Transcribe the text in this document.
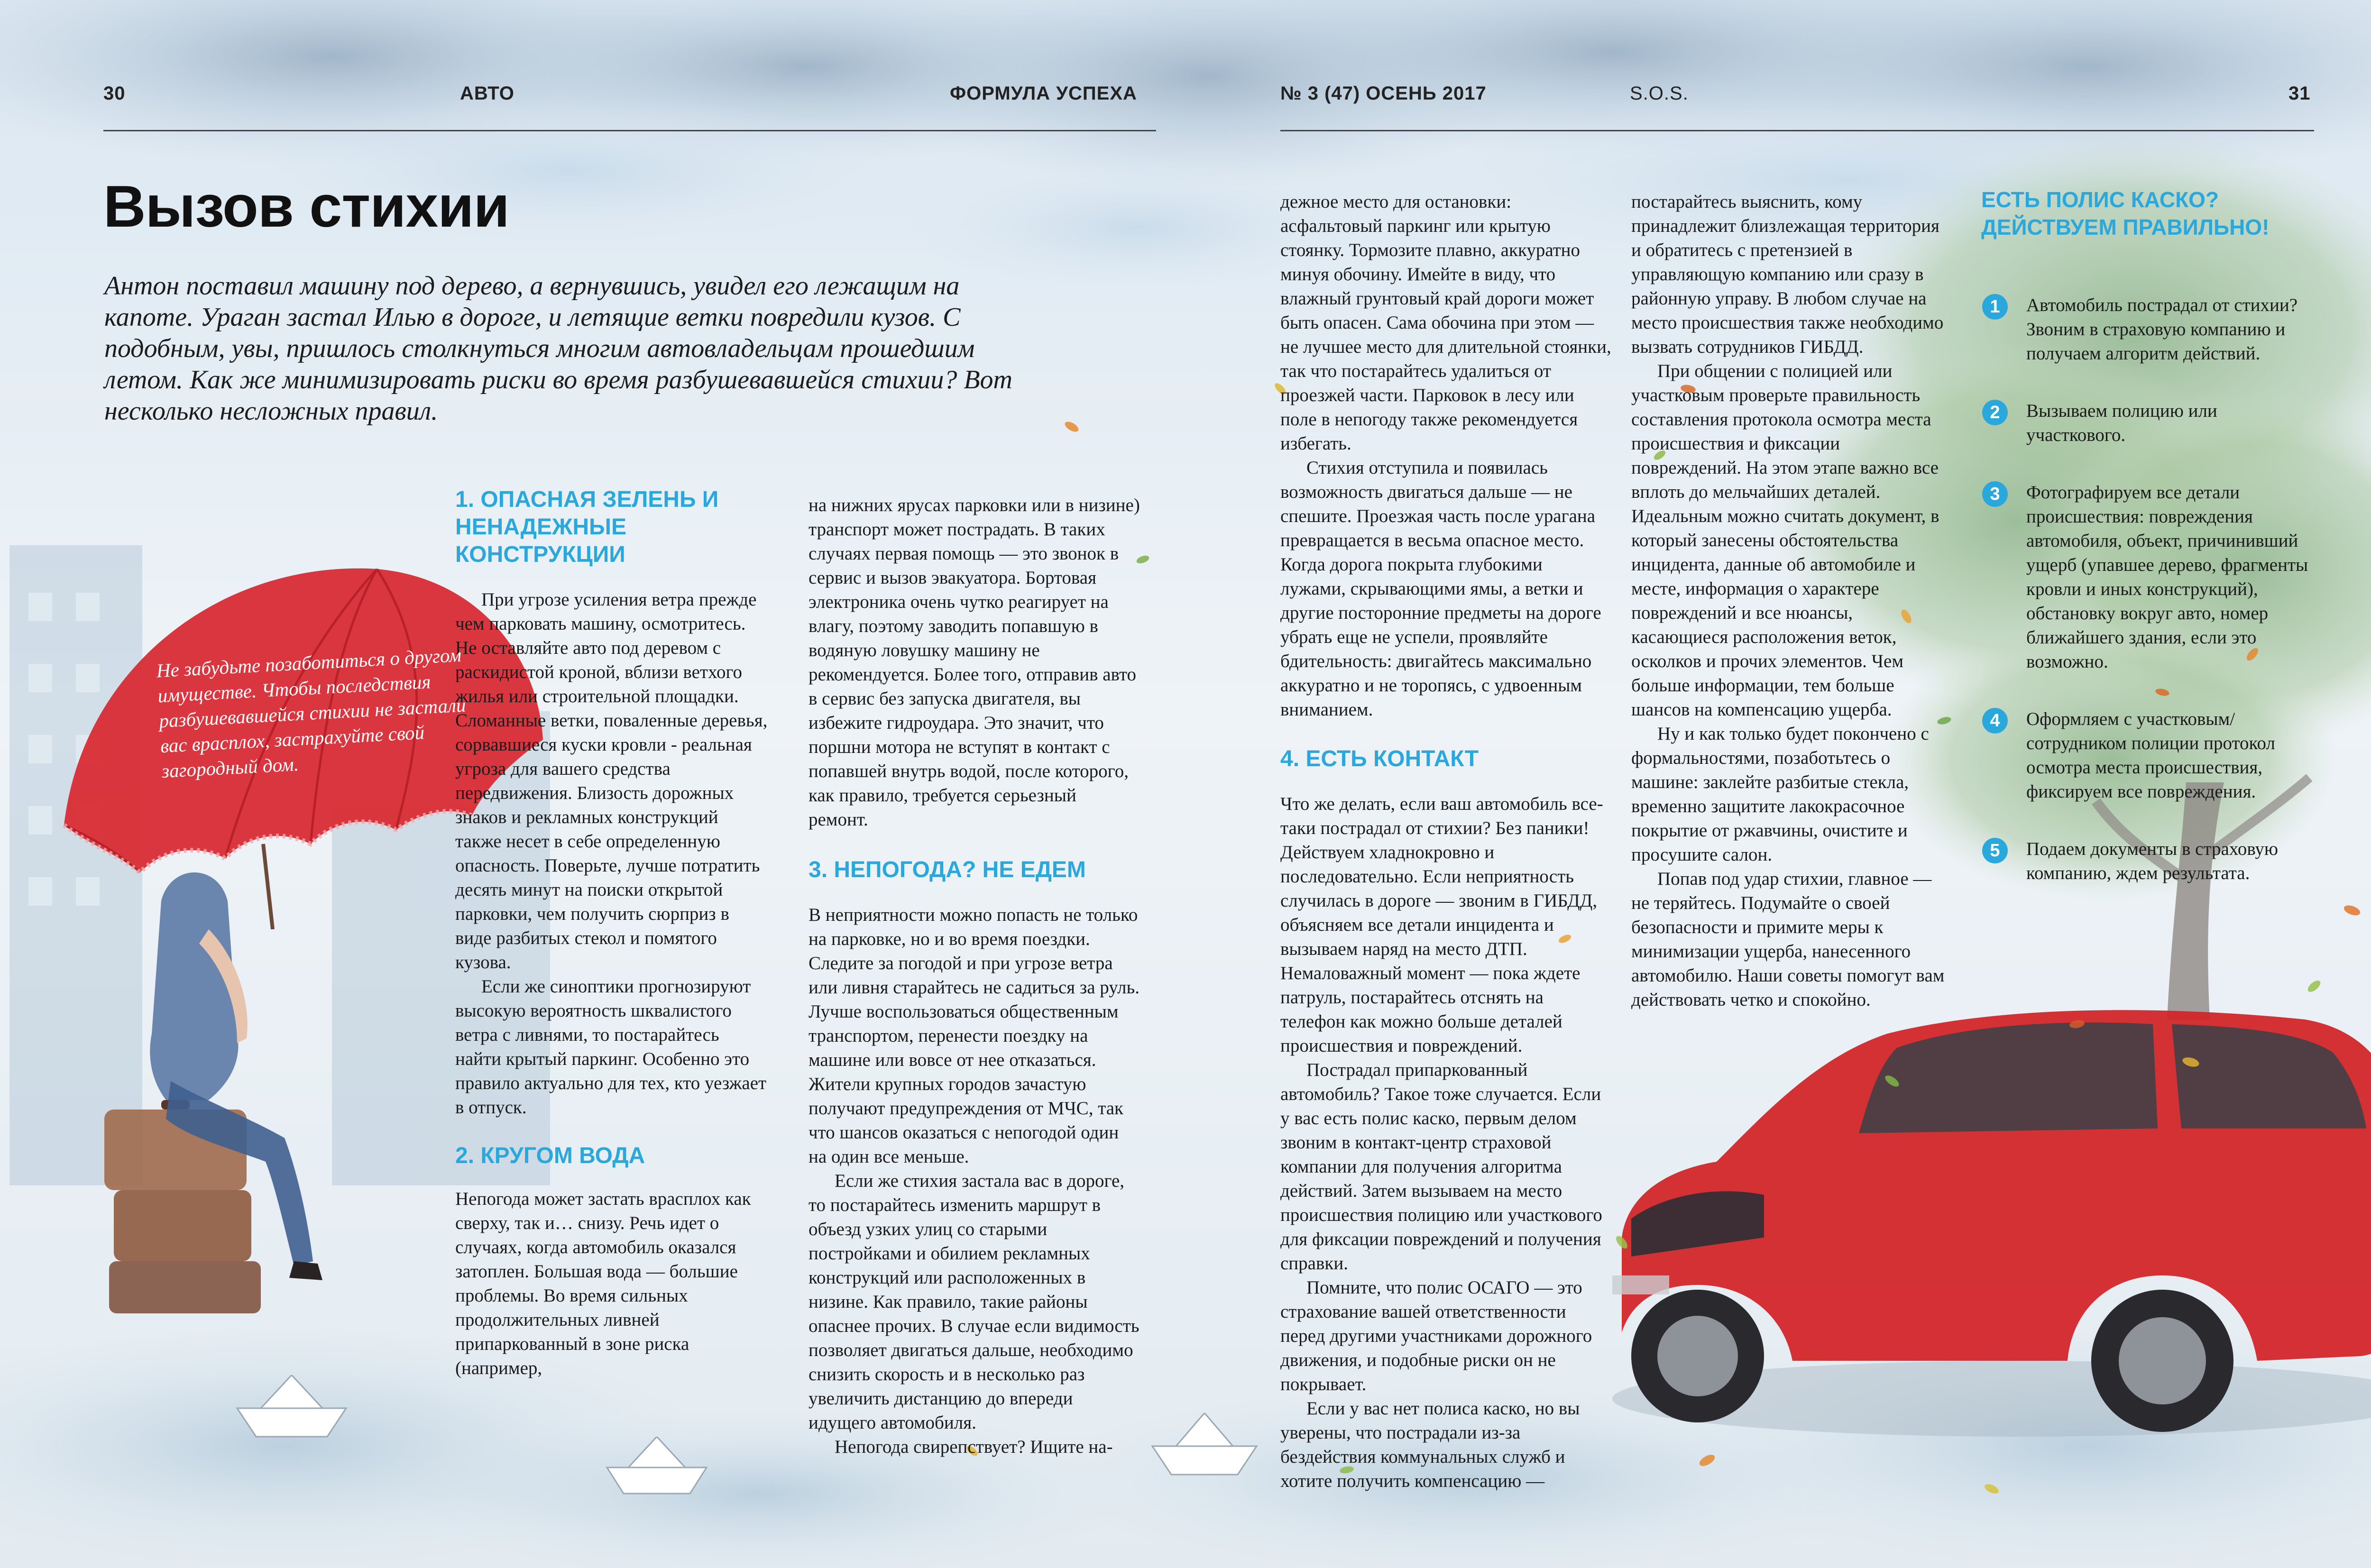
30	АВТО	ФОРМУЛА УСПЕХА	№ 3 (47) ОСЕНЬ 2017	S.O.S.	31
Вызов стихии

Антон поставил машину под дерево, а вернувшись, увидел его лежащим на капоте. Ураган застал Илью в дороге, и летящие ветки повредили кузов. С подобным, увы, пришлось столкнуться многим автовладельцам прошедшим летом. Как же минимизировать риски во время разбушевавшейся стихии? Вот несколько несложных правил.

Не забудьте позаботиться о другом имуществе. Чтобы последствия разбушевавшейся стихии не застали вас врасплох, застрахуйте свой загородный дом.

1. ОПАСНАЯ ЗЕЛЕНЬ И НЕНАДЕЖНЫЕ КОНСТРУКЦИИ

При угрозе усиления ветра прежде чем парковать машину, осмотритесь. Не оставляйте авто под деревом с раскидистой кроной, вблизи ветхого жилья или строительной площадки. Сломанные ветки, поваленные деревья, сорвавшиеся куски кровли - реальная угроза для вашего средства передвижения. Близость дорожных знаков и рекламных конструкций также несет в себе определенную опасность. Поверьте, лучше потратить десять минут на поиски открытой парковки, чем получить сюрприз в виде разбитых стекол и помятого кузова.

Если же синоптики прогнозируют высокую вероятность шквалистого ветра с ливнями, то постарайтесь найти крытый паркинг. Особенно это правило актуально для тех, кто уезжает в отпуск.

2. КРУГОМ ВОДА

Непогода может застать врасплох как сверху, так и… снизу. Речь идет о случаях, когда автомобиль оказался затоплен. Большая вода — большие проблемы. Во время сильных продолжительных ливней припаркованный в зоне риска (например,

на нижних ярусах парковки или в низине) транспорт может пострадать. В таких случаях первая помощь — это звонок в сервис и вызов эвакуатора. Бортовая электроника очень чутко реагирует на влагу, поэтому заводить попавшую в водяную ловушку машину не рекомендуется. Более того, отправив авто в сервис без запуска двигателя, вы избежите гидроудара. Это значит, что поршни мотора не вступят в контакт с попавшей внутрь водой, после которого, как правило, требуется серьезный ремонт.

3. НЕПОГОДА? НЕ ЕДЕМ

В неприятности можно попасть не только на парковке, но и во время поездки. Следите за погодой и при угрозе ветра или ливня старайтесь не садиться за руль. Лучше воспользоваться общественным транспортом, перенести поездку на машине или вовсе от нее отказаться. Жители крупных городов зачастую получают предупреждения от МЧС, так что шансов оказаться с непогодой один на один все меньше.

Если же стихия застала вас в дороге, то постарайтесь изменить маршрут в объезд узких улиц со старыми постройками и обилием рекламных конструкций или расположенных в низине. Как правило, такие районы опаснее прочих. В случае если видимость позволяет двигаться дальше, необходимо снизить скорость и в несколько раз увеличить дистанцию до впереди идущего автомобиля.

Непогода свирепствует? Ищите на-

дежное место для остановки: асфальтовый паркинг или крытую стоянку. Тормозите плавно, аккуратно минуя обочину. Имейте в виду, что влажный грунтовый край дороги может быть опасен. Сама обочина при этом — не лучшее место для длительной стоянки, так что постарайтесь удалиться от проезжей части. Парковок в лесу или поле в непогоду также рекомендуется избегать.

Стихия отступила и появилась возможность двигаться дальше — не спешите. Проезжая часть после урагана превращается в весьма опасное место. Когда дорога покрыта глубокими лужами, скрывающими ямы, а ветки и другие посторонние предметы на дороге убрать еще не успели, проявляйте бдительность: двигайтесь максимально аккуратно и не торопясь, с удвоенным вниманием.

4. ЕСТЬ КОНТАКТ

Что же делать, если ваш автомобиль все-таки пострадал от стихии? Без паники! Действуем хладнокровно и последовательно. Если неприятность случилась в дороге — звоним в ГИБДД, объясняем все детали инцидента и вызываем наряд на место ДТП. Немаловажный момент — пока ждете патруль, постарайтесь отснять на телефон как можно больше деталей происшествия и повреждений.

Пострадал припаркованный автомобиль? Такое тоже случается. Если у вас есть полис каско, первым делом звоним в контакт-центр страховой компании для получения алгоритма действий. Затем вызываем на место происшествия полицию или участкового для фиксации повреждений и получения справки.

Помните, что полис ОСАГО — это страхование вашей ответственности перед другими участниками дорожного движения, и подобные риски он не покрывает.

Если у вас нет полиса каско, но вы уверены, что пострадали из-за бездействия коммунальных служб и хотите получить компенсацию —

постарайтесь выяснить, кому принадлежит близлежащая территория и обратитесь с претензией в управляющую компанию или сразу в районную управу. В любом случае на место происшествия также необходимо вызвать сотрудников ГИБДД.

При общении с полицией или участковым проверьте правильность составления протокола осмотра места происшествия и фиксации повреждений. На этом этапе важно все вплоть до мельчайших деталей. Идеальным можно считать документ, в который занесены обстоятельства инцидента, данные об автомобиле и месте, информация о характере повреждений и все нюансы, касающиеся расположения веток, осколков и прочих элементов. Чем больше информации, тем больше шансов на компенсацию ущерба.

Ну и как только будет покончено с формальностями, позаботьтесь о машине: заклейте разбитые стекла, временно защитите лакокрасочное покрытие от ржавчины, очистите и просушите салон.

Попав под удар стихии, главное — не теряйтесь. Подумайте о своей безопасности и примите меры к минимизации ущерба, нанесенного автомобилю. Наши советы помогут вам действовать четко и спокойно.

ЕСТЬ ПОЛИС КАСКО? ДЕЙСТВУЕМ ПРАВИЛЬНО!
1	Автомобиль пострадал от стихии? Звоним в страховую компанию и получаем алгоритм действий.
2	Вызываем полицию или участкового.
3	Фотографируем все детали происшествия: повреждения автомобиля, объект, причинивший ущерб (упавшее дерево, фрагменты кровли и иных конструкций), обстановку вокруг авто, номер ближайшего здания, если это возможно.
4	Оформляем с участковым/сотрудником полиции протокол осмотра места происшествия, фиксируем все повреждения.
5	Подаем документы в страховую компанию, ждем результата.
